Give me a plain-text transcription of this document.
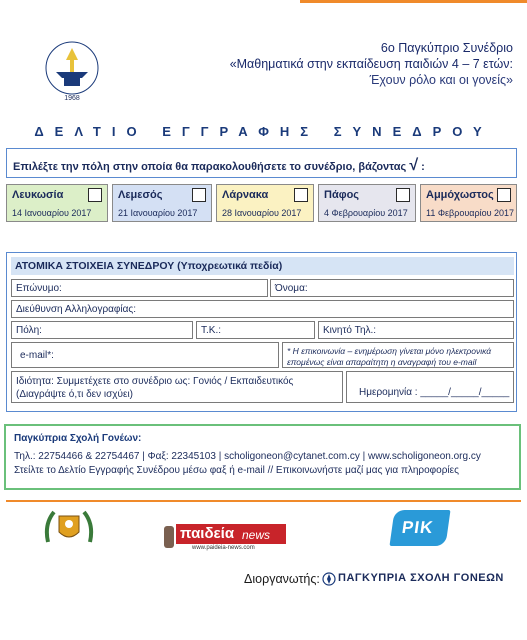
1968
6ο Παγκύπριο Συνέδριο
«Μαθηματικά στην εκπαίδευση παιδιών 4 – 7 ετών:
Έχουν ρόλο και οι γονείς»
ΔΕΛΤΙΟ ΕΓΓΡΑΦΗΣ ΣΥΝΕΔΡΟΥ
Επιλέξτε την πόλη στην οποία θα παρακολουθήσετε το συνέδριο, βάζοντας √ :
Λευκωσία
14 Ιανουαρίου 2017
Λεμεσός
21 Ιανουαρίου 2017
Λάρνακα
28 Ιανουαρίου 2017
Πάφος
4 Φεβρουαρίου 2017
Αμμόχωστος
11 Φεβρουαρίου 2017
ΑΤΟΜΙΚΑ ΣΤΟΙΧΕΙΑ ΣΥΝΕΔΡΟΥ (Υποχρεωτικά πεδία)
Επώνυμο:	Όνομα:
Διεύθυνση Αλληλογραφίας:
Πόλη:	Τ.Κ.:	Κινητό Τηλ.:
e-mail*:	* Η επικοινωνία – ενημέρωση γίνεται μόνο ηλεκτρονικά επομένως είναι απαραίτητη η αναγραφή του e-mail
Ιδιότητα: Συμμετέχετε στο συνέδριο ως: Γονιός / Εκπαιδευτικός
(Διαγράψτε ό,τι δεν ισχύει)	Ημερομηνία : _____/_____/_____
Παγκύπρια Σχολή Γονέων:
Τηλ.: 22754466 & 22754467 | Φαξ: 22345103 | scholigoneon@cytanet.com.cy | www.scholigoneon.org.cy
Στείλτε το Δελτίο Εγγραφής Συνέδρου μέσω φαξ ή e-mail // Επικοινωνήστε μαζί μας για πληροφορίες
παιδεία news
www.paideia-news.com
ΡΙΚ
Διοργανωτής: ΠΑΓΚΥΠΡΙΑ ΣΧΟΛΗ ΓΟΝΕΩΝ
